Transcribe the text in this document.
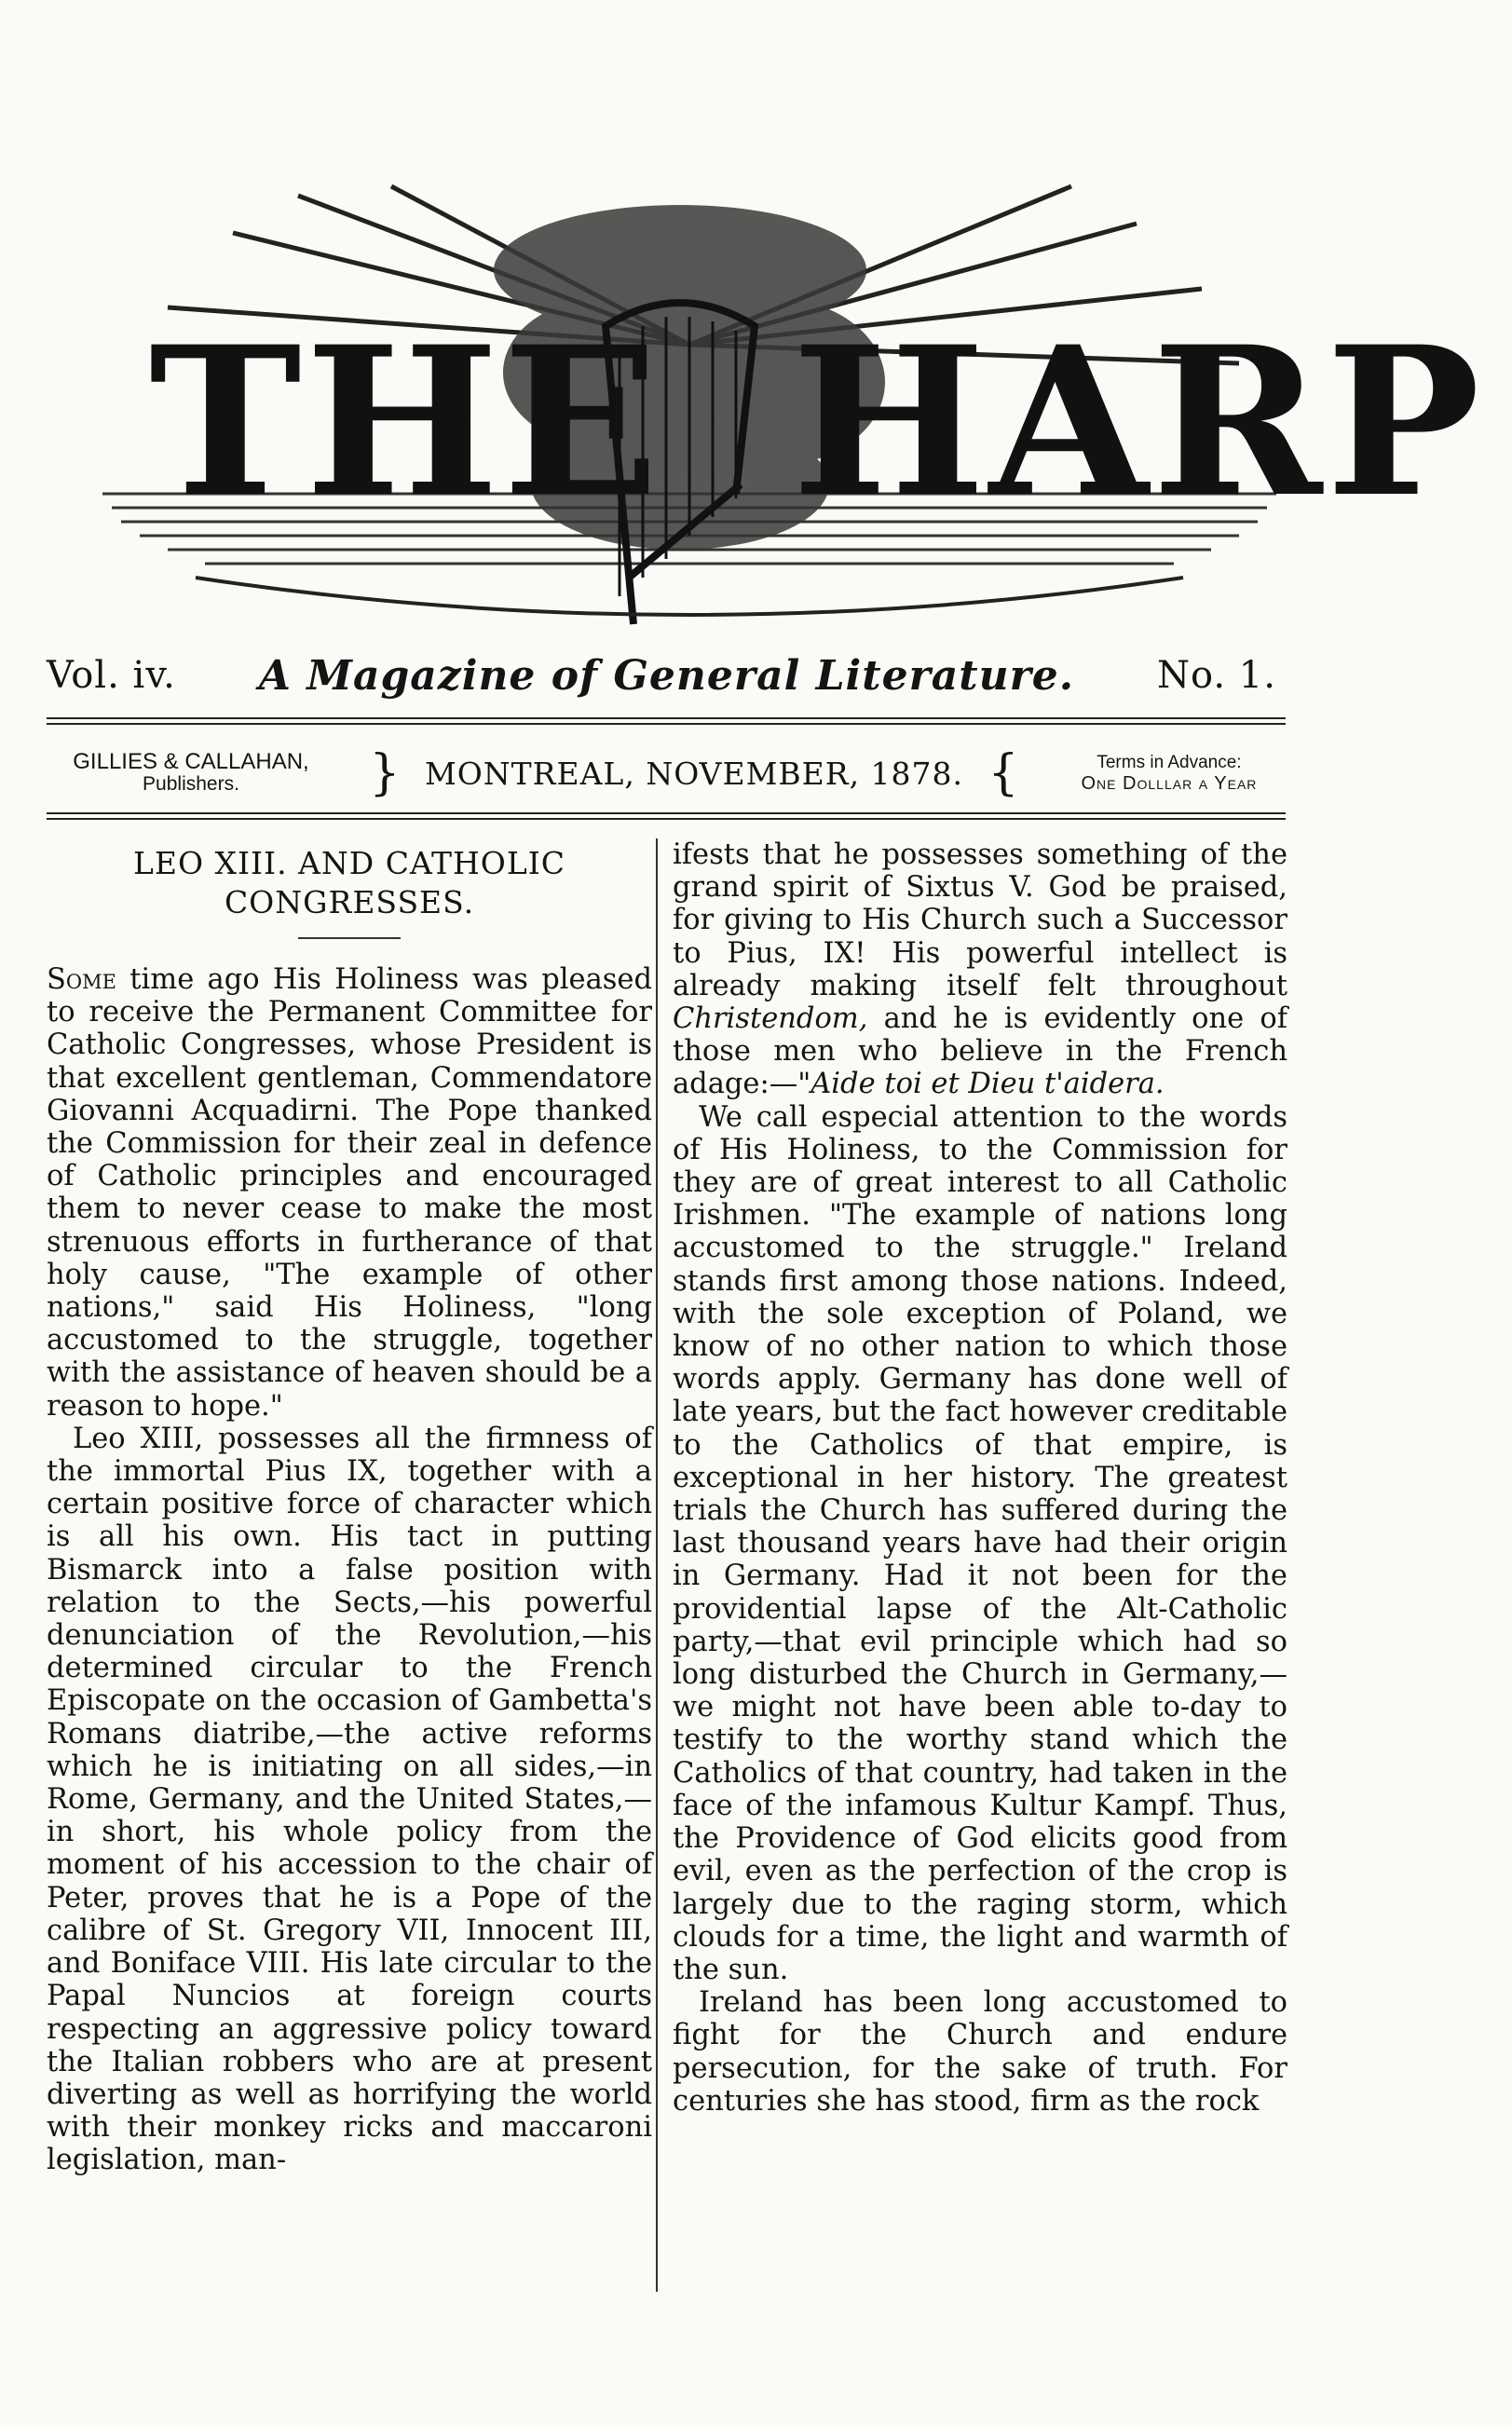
THE HARP
Vol. iv. A Magazine of General Literature. No. 1.
GILLIES & CALLAHAN,
Publishers.	} MONTREAL, NOVEMBER, 1878. {	Terms in Advance:
One Dolllar a Year
LEO XIII. AND CATHOLIC
CONGRESSES.

Some time ago His Holiness was pleased to receive the Permanent Committee for Catholic Congresses, whose President is that excellent gentleman, Commendatore Giovanni Acquadirni. The Pope thanked the Commission for their zeal in defence of Catholic principles and encouraged them to never cease to make the most strenuous efforts in furtherance of that holy cause, "The example of other nations," said His Holiness, "long accustomed to the struggle, together with the assistance of heaven should be a reason to hope."

Leo XIII, possesses all the firmness of the immortal Pius IX, together with a certain positive force of character which is all his own. His tact in putting Bismarck into a false position with relation to the Sects,—his powerful denunciation of the Revolution,—his determined circular to the French Episcopate on the occasion of Gambetta's Romans diatribe,—the active reforms which he is initiating on all sides,—in Rome, Germany, and the United States,—in short, his whole policy from the moment of his accession to the chair of Peter, proves that he is a Pope of the calibre of St. Gregory VII, Innocent III, and Boniface VIII. His late circular to the Papal Nuncios at foreign courts respecting an aggressive policy toward the Italian robbers who are at present diverting as well as horrifying the world with their monkey ricks and maccaroni legislation, man-

ifests that he possesses something of the grand spirit of Sixtus V. God be praised, for giving to His Church such a Successor to Pius, IX! His powerful intellect is already making itself felt throughout Christendom, and he is evidently one of those men who believe in the French adage:—"Aide toi et Dieu t'aidera.

We call especial attention to the words of His Holiness, to the Commission for they are of great interest to all Catholic Irishmen. "The example of nations long accustomed to the struggle." Ireland stands first among those nations. Indeed, with the sole exception of Poland, we know of no other nation to which those words apply. Germany has done well of late years, but the fact however creditable to the Catholics of that empire, is exceptional in her history. The greatest trials the Church has suffered during the last thousand years have had their origin in Germany. Had it not been for the providential lapse of the Alt-Catholic party,—that evil principle which had so long disturbed the Church in Germany,—we might not have been able to-day to testify to the worthy stand which the Catholics of that country, had taken in the face of the infamous Kultur Kampf. Thus, the Providence of God elicits good from evil, even as the perfection of the crop is largely due to the raging storm, which clouds for a time, the light and warmth of the sun.

Ireland has been long accustomed to fight for the Church and endure persecution, for the sake of truth. For centuries she has stood, firm as the rock
